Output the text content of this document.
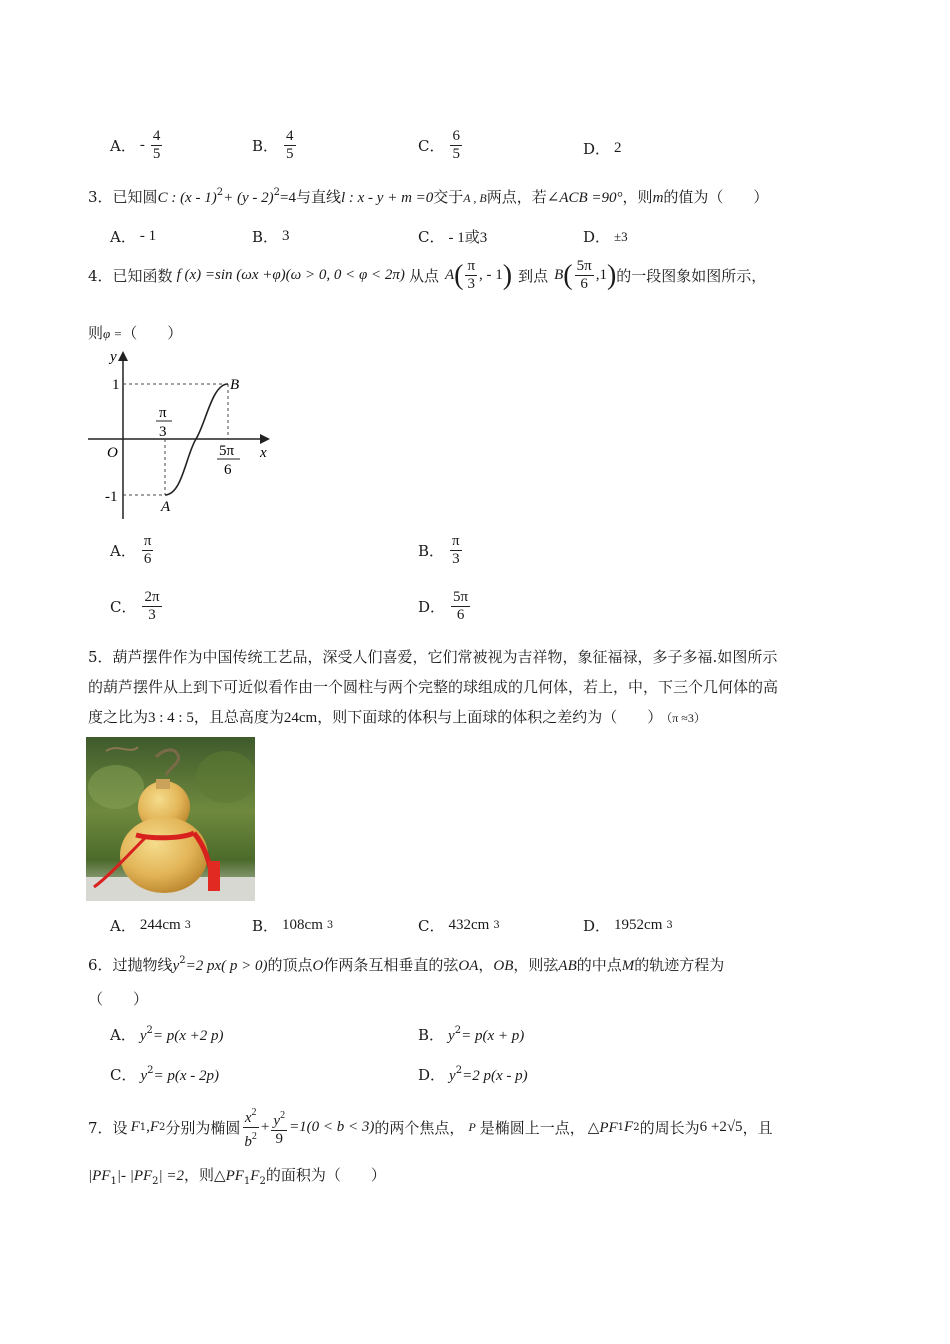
A． - $\frac{4}{5}$	B． $\frac{4}{5}$	C． $\frac{6}{5}$	D． 2
3．已知圆C : (x - 1)$^2$+ (y - 2)$^2$=4与直线l : x - y + m =0交于A , B两点，若∠ACB =90°，则m的值为（　　）
A． - 1	B． 3	C． - 1或3	D． ±3
4． 已知函数 f (x) =sin (ωx +φ)(ω > 0, 0 < φ < 2π) 从点 A ( $\frac{\pi}{3}$ , - 1 ) 到点 B ( $\frac{5\pi}{6} ,1$ ) 的一段图象如图所示，
则φ =（　　）
y
x
O
1
-1
π
3
5π
6
A
B
A． $\frac{\pi}{6}$	B． $\frac{\pi}{3}$
C． $\frac{2\pi}{3}$	D． $\frac{5\pi}{6}$
5．葫芦摆件作为中国传统工艺品，深受人们喜爱，它们常被视为吉祥物，象征福禄，多子多福.如图所示
的葫芦摆件从上到下可近似看作由一个圆柱与两个完整的球组成的几何体，若上，中，下三个几何体的高
度之比为3 : 4 : 5，且总高度为24cm，则下面球的体积与上面球的体积之差约为（　　） （π ≈3）
A． 244cm 3	B． 108cm 3	C． 432cm 3	D． 1952cm 3
6．过抛物线$y^2=2$ px( p > 0)的顶点O作两条互相垂直的弦OA，OB，则弦AB的中点M的轨迹方程为
（　　）
A． $y^2= p(x +2$ p)	B． $y^2= p(x + p)$
C． $y^2= p(x - 2p)$	D． $y^2=2$ p(x - p)
7． 设 F 1 , F 2 分别为椭圆 $\frac{x^2}{b^2} + \frac{y^2}{9} =1(0 < b < 3)$ 的两个焦点， P 是椭圆上一点， △PF 1 F 2 的周长为 6 +2√5 ，且
$|PF_1|-$ $|PF_2| =2$，则$\triangle PF_1F_2$的面积为（　　）
